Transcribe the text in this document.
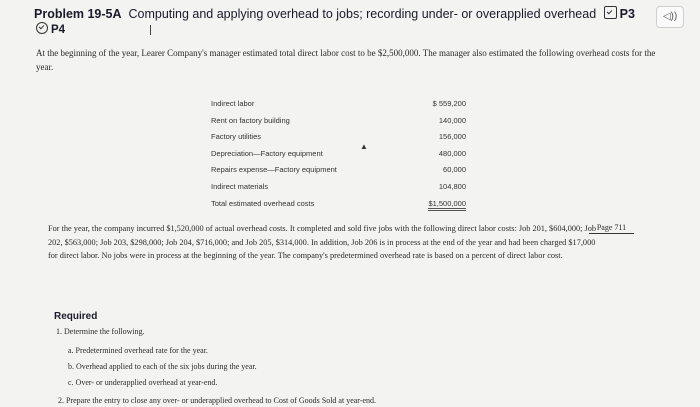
Problem 19-5A Computing and applying overhead to jobs; recording under- or overapplied overhead P3
P4
◁))
At the beginning of the year, Learer Company's manager estimated total direct labor cost to be $2,500,000. The manager also estimated the following overhead costs for the year.
Indirect labor	$ 559,200
Rent on factory building	140,000
Factory utilities	156,000
Depreciation—Factory equipment	480,000
Repairs expense—Factory equipment	60,000
Indirect materials	104,800
Total estimated overhead costs	$1,500,000
▲
For the year, the company incurred $1,520,000 of actual overhead costs. It completed and sold five jobs with the following direct labor costs: Job 201, $604,000; Job 202, $563,000; Job 203, $298,000; Job 204, $716,000; and Job 205, $314,000. In addition, Job 206 is in process at the end of the year and had been charged $17,000 for direct labor. No jobs were in process at the beginning of the year. The company's predetermined overhead rate is based on a percent of direct labor cost.
Page 711
Required
1. Determine the following.
a. Predetermined overhead rate for the year.
b. Overhead applied to each of the six jobs during the year.
c. Over- or underapplied overhead at year-end.
2. Prepare the entry to close any over- or underapplied overhead to Cost of Goods Sold at year-end.
